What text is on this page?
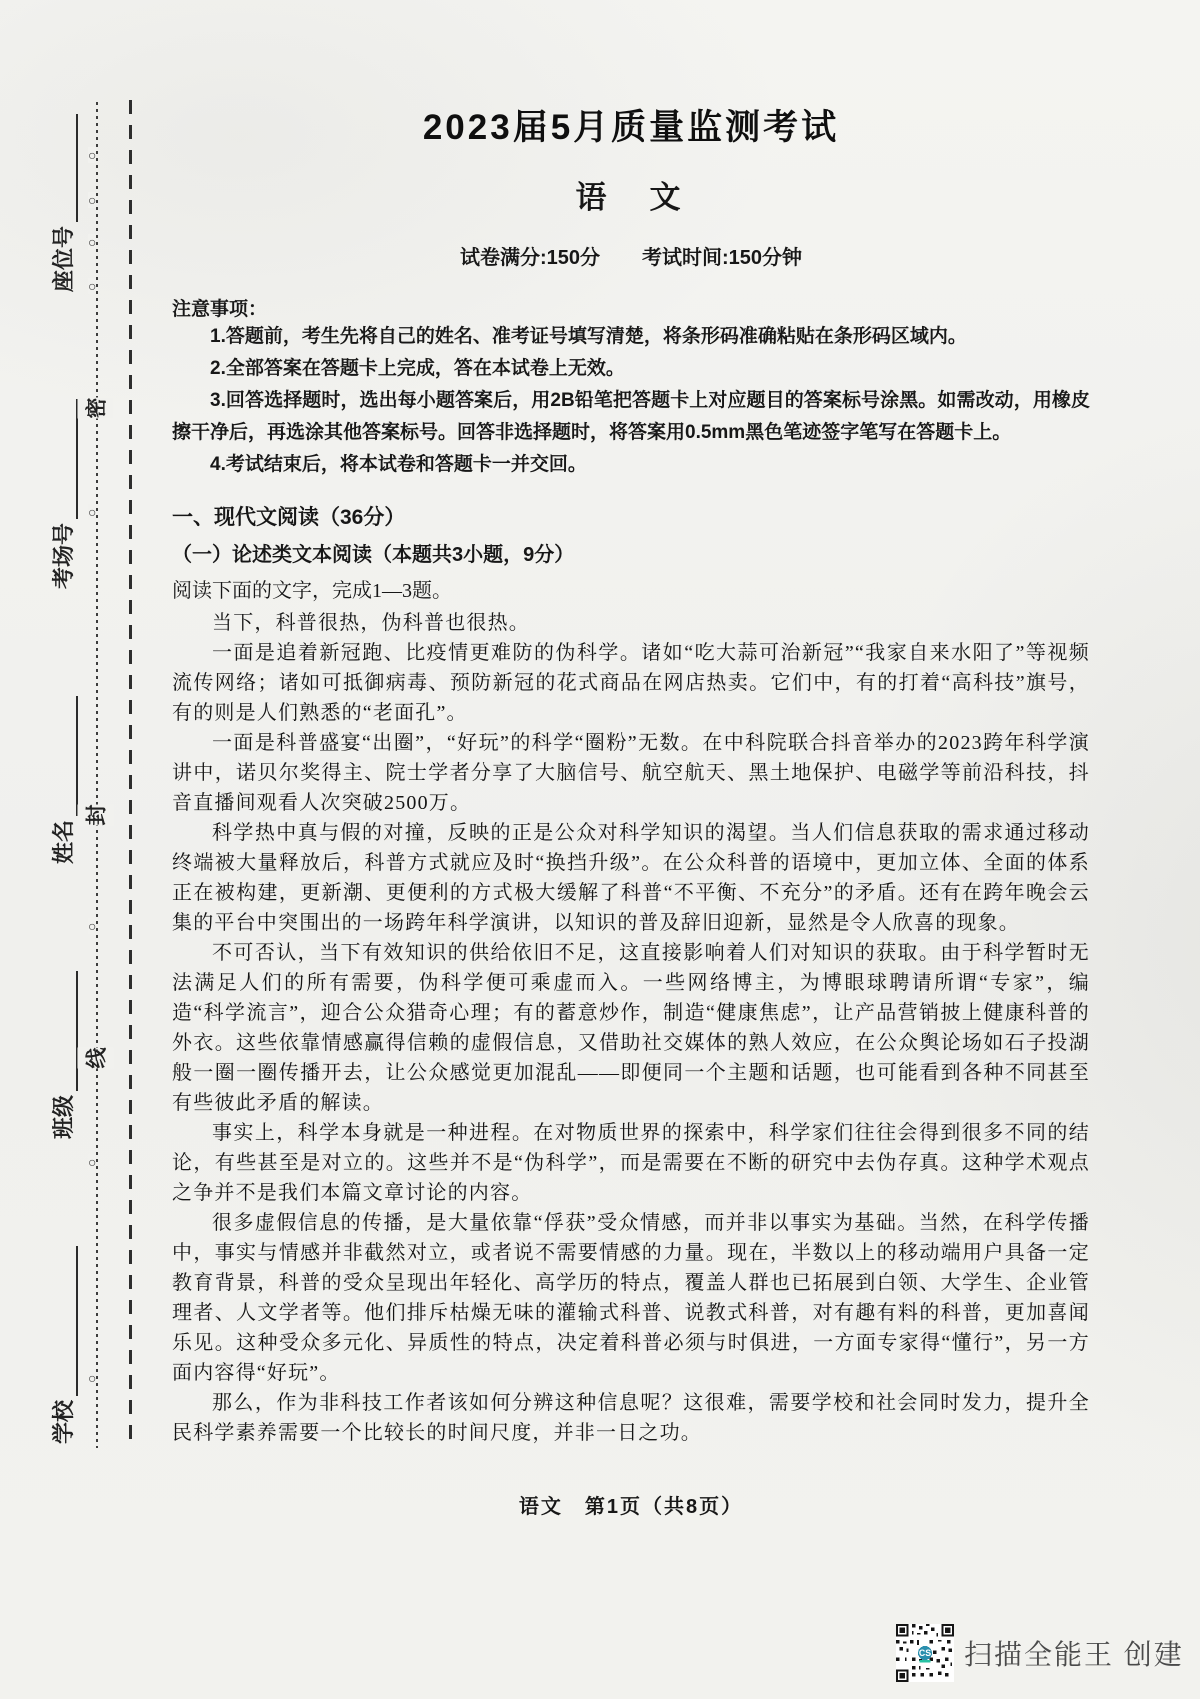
学校
班级
姓名
考场号
座位号
○
○
○
○
○
○
○
○
密
封
线
2023届5月质量监测考试
语　文
试卷满分:150分 考试时间:150分钟
注意事项：

1.答题前，考生先将自己的姓名、准考证号填写清楚，将条形码准确粘贴在条形码区域内。

2.全部答案在答题卡上完成，答在本试卷上无效。

3.回答选择题时，选出每小题答案后，用2B铅笔把答题卡上对应题目的答案标号涂黑。如需改动，用橡皮擦干净后，再选涂其他答案标号。回答非选择题时，将答案用0.5mm黑色笔迹签字笔写在答题卡上。

4.考试结束后，将本试卷和答题卡一并交回。

一、现代文阅读（36分）
（一）论述类文本阅读（本题共3小题，9分）
阅读下面的文字，完成1—3题。

当下，科普很热，伪科普也很热。

一面是追着新冠跑、比疫情更难防的伪科学。诸如“吃大蒜可治新冠”“我家自来水阳了”等视频流传网络；诸如可抵御病毒、预防新冠的花式商品在网店热卖。它们中，有的打着“高科技”旗号，有的则是人们熟悉的“老面孔”。

一面是科普盛宴“出圈”，“好玩”的科学“圈粉”无数。在中科院联合抖音举办的2023跨年科学演讲中，诺贝尔奖得主、院士学者分享了大脑信号、航空航天、黑土地保护、电磁学等前沿科技，抖音直播间观看人次突破2500万。

科学热中真与假的对撞，反映的正是公众对科学知识的渴望。当人们信息获取的需求通过移动终端被大量释放后，科普方式就应及时“换挡升级”。在公众科普的语境中，更加立体、全面的体系正在被构建，更新潮、更便利的方式极大缓解了科普“不平衡、不充分”的矛盾。还有在跨年晚会云集的平台中突围出的一场跨年科学演讲，以知识的普及辞旧迎新，显然是令人欣喜的现象。

不可否认，当下有效知识的供给依旧不足，这直接影响着人们对知识的获取。由于科学暂时无法满足人们的所有需要，伪科学便可乘虚而入。一些网络博主，为博眼球聘请所谓“专家”，编造“科学流言”，迎合公众猎奇心理；有的蓄意炒作，制造“健康焦虑”，让产品营销披上健康科普的外衣。这些依靠情感赢得信赖的虚假信息，又借助社交媒体的熟人效应，在公众舆论场如石子投湖般一圈一圈传播开去，让公众感觉更加混乱——即便同一个主题和话题，也可能看到各种不同甚至有些彼此矛盾的解读。

事实上，科学本身就是一种进程。在对物质世界的探索中，科学家们往往会得到很多不同的结论，有些甚至是对立的。这些并不是“伪科学”，而是需要在不断的研究中去伪存真。这种学术观点之争并不是我们本篇文章讨论的内容。

很多虚假信息的传播，是大量依靠“俘获”受众情感，而并非以事实为基础。当然，在科学传播中，事实与情感并非截然对立，或者说不需要情感的力量。现在，半数以上的移动端用户具备一定教育背景，科普的受众呈现出年轻化、高学历的特点，覆盖人群也已拓展到白领、大学生、企业管理者、人文学者等。他们排斥枯燥无味的灌输式科普、说教式科普，对有趣有料的科普，更加喜闻乐见。这种受众多元化、异质性的特点，决定着科普必须与时俱进，一方面专家得“懂行”，另一方面内容得“好玩”。

那么，作为非科技工作者该如何分辨这种信息呢？这很难，需要学校和社会同时发力，提升全民科学素养需要一个比较长的时间尺度，并非一日之功。

语文　第1页（共8页）
CS 扫描全能王 创建
